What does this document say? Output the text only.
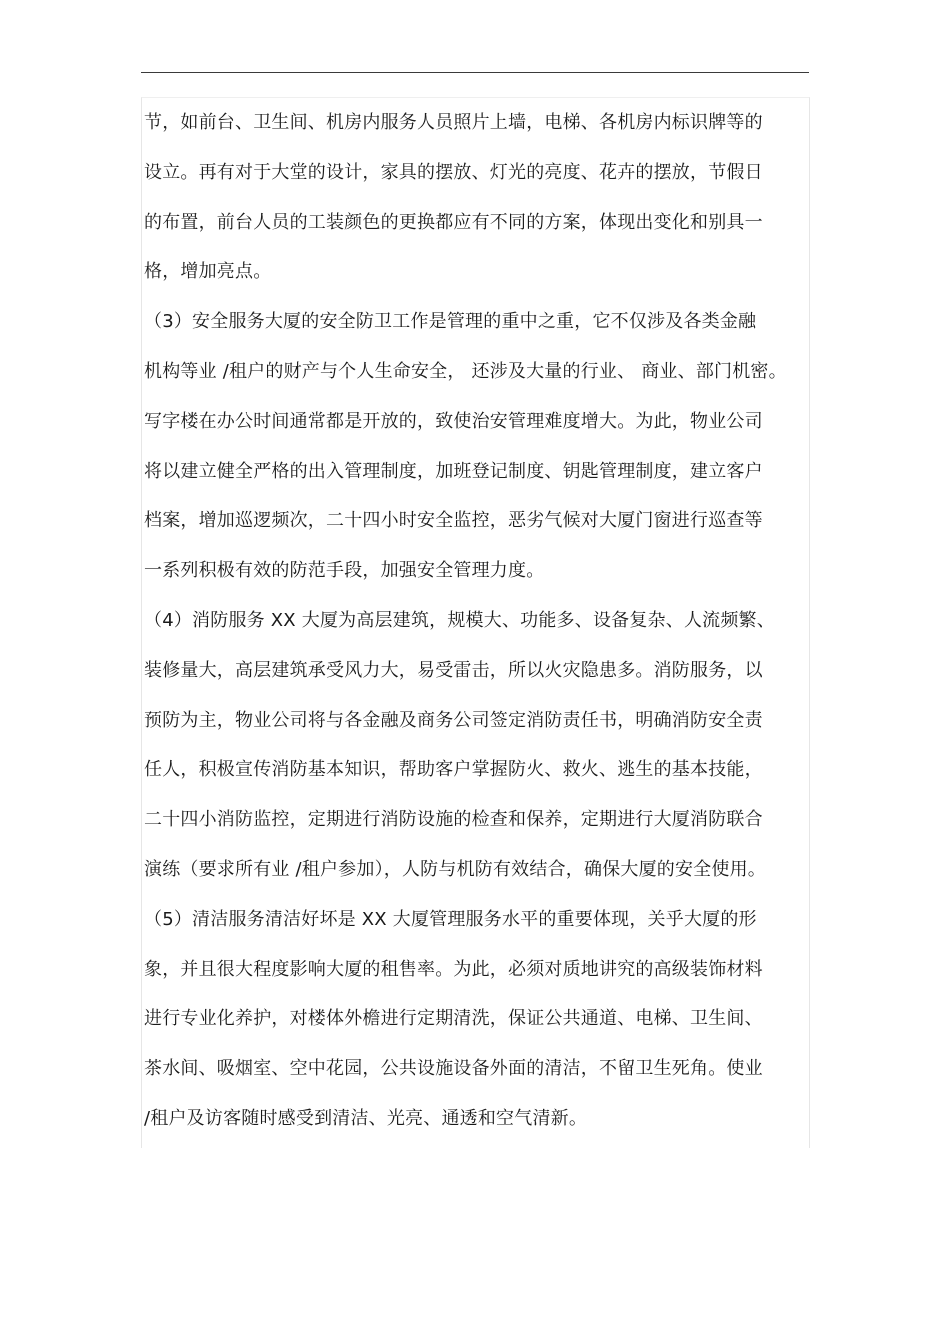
节，如前台、卫生间、机房内服务人员照片上墙，电梯、各机房内标识牌等的
设立。再有对于大堂的设计，家具的摆放、灯光的亮度、花卉的摆放，节假日
的布置，前台人员的工装颜色的更换都应有不同的方案，体现出变化和别具一
格，增加亮点。
（3）安全服务大厦的安全防卫工作是管理的重中之重，它不仅涉及各类金融
机构等业 /租户的财产与个人生命安全， 还涉及大量的行业、 商业、部门机密。
写字楼在办公时间通常都是开放的，致使治安管理难度增大。为此，物业公司
将以建立健全严格的出入管理制度，加班登记制度、钥匙管理制度，建立客户
档案，增加巡逻频次，二十四小时安全监控，恶劣气候对大厦门窗进行巡查等
一系列积极有效的防范手段，加强安全管理力度。
（4）消防服务 XX 大厦为高层建筑，规模大、功能多、设备复杂、人流频繁、
装修量大，高层建筑承受风力大，易受雷击，所以火灾隐患多。消防服务，以
预防为主，物业公司将与各金融及商务公司签定消防责任书，明确消防安全责
任人，积极宣传消防基本知识，帮助客户掌握防火、救火、逃生的基本技能，
二十四小消防监控，定期进行消防设施的检查和保养，定期进行大厦消防联合
演练（要求所有业 /租户参加），人防与机防有效结合，确保大厦的安全使用。
（5）清洁服务清洁好坏是 XX 大厦管理服务水平的重要体现，关乎大厦的形
象，并且很大程度影响大厦的租售率。为此，必须对质地讲究的高级装饰材料
进行专业化养护，对楼体外檐进行定期清洗，保证公共通道、电梯、卫生间、
茶水间、吸烟室、空中花园，公共设施设备外面的清洁，不留卫生死角。使业
/租户及访客随时感受到清洁、光亮、通透和空气清新。
